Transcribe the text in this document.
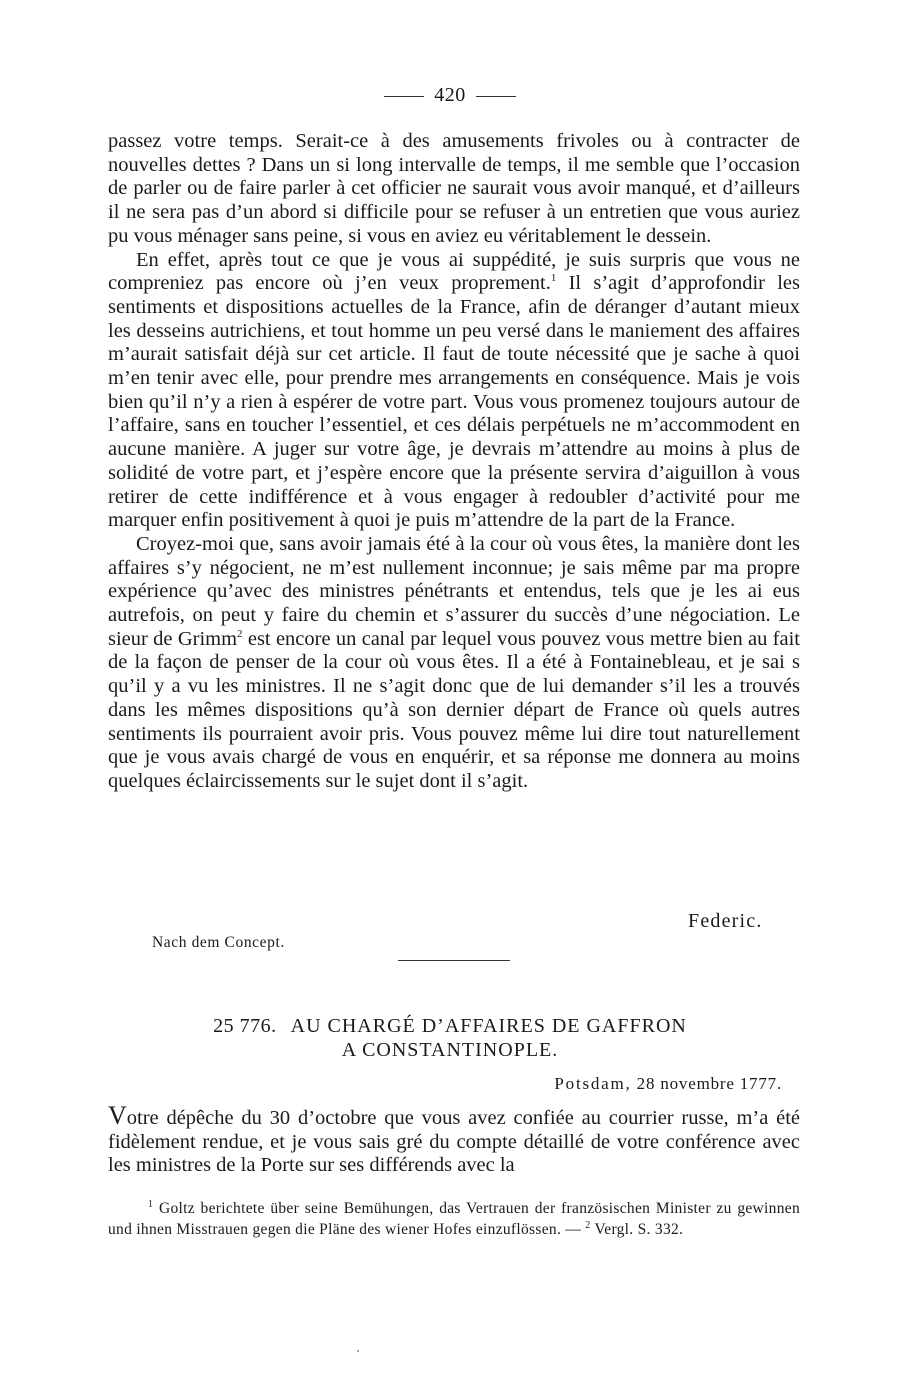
420

passez votre temps. Serait-ce à des amusements frivoles ou à contracter de nouvelles dettes ? Dans un si long intervalle de temps, il me semble que l’occasion de parler ou de faire parler à cet officier ne saurait vous avoir manqué, et d’ailleurs il ne sera pas d’un abord si difficile pour se refuser à un entretien que vous auriez pu vous ménager sans peine, si vous en aviez eu véritablement le dessein.

En effet, après tout ce que je vous ai suppédité, je suis surpris que vous ne compreniez pas encore où j’en veux proprement.$^1$ Il s’agit d’approfondir les sentiments et dispositions actuelles de la France, afin de déranger d’autant mieux les desseins autrichiens, et tout homme un peu versé dans le maniement des affaires m’aurait satisfait déjà sur cet article. Il faut de toute nécessité que je sache à quoi m’en tenir avec elle, pour prendre mes arrangements en conséquence. Mais je vois bien qu’il n’y a rien à espérer de votre part. Vous vous promenez toujours autour de l’affaire, sans en toucher l’essentiel, et ces délais perpétuels ne m’accommodent en aucune manière. A juger sur votre âge, je devrais m’attendre au moins à plus de solidité de votre part, et j’espère encore que la présente servira d’aiguillon à vous retirer de cette indifférence et à vous engager à redoubler d’activité pour me marquer enfin positivement à quoi je puis m’attendre de la part de la France.

Croyez-moi que, sans avoir jamais été à la cour où vous êtes, la manière dont les affaires s’y négocient, ne m’est nullement inconnue; je sais même par ma propre expérience qu’avec des ministres pénétrants et entendus, tels que je les ai eus autrefois, on peut y faire du chemin et s’assurer du succès d’une négociation. Le sieur de Grimm$^2$ est encore un canal par lequel vous pouvez vous mettre bien au fait de la façon de penser de la cour où vous êtes. Il a été à Fontainebleau, et je sai s qu’il y a vu les ministres. Il ne s’agit donc que de lui demander s’il les a trouvés dans les mêmes dispositions qu’à son dernier départ de France où quels autres sentiments ils pourraient avoir pris. Vous pouvez même lui dire tout naturellement que je vous avais chargé de vous en enquérir, et sa réponse me donnera au moins quelques éclaircissements sur le sujet dont il s’agit.

Federic.
Nach dem Concept.
25 776. AU CHARGÉ D’AFFAIRES DE GAFFRON
A CONSTANTINOPLE.
Potsdam, 28 novembre 1777.

Votre dépêche du 30 d’octobre que vous avez confiée au courrier russe, m’a été fidèlement rendue, et je vous sais gré du compte détaillé de votre conférence avec les ministres de la Porte sur ses différends avec la

$^1$ Goltz berichtete über seine Bemühungen, das Vertrauen der französischen Minister zu gewinnen und ihnen Misstrauen gegen die Pläne des wiener Hofes einzuflössen. — $^2$ Vergl. S. 332.
